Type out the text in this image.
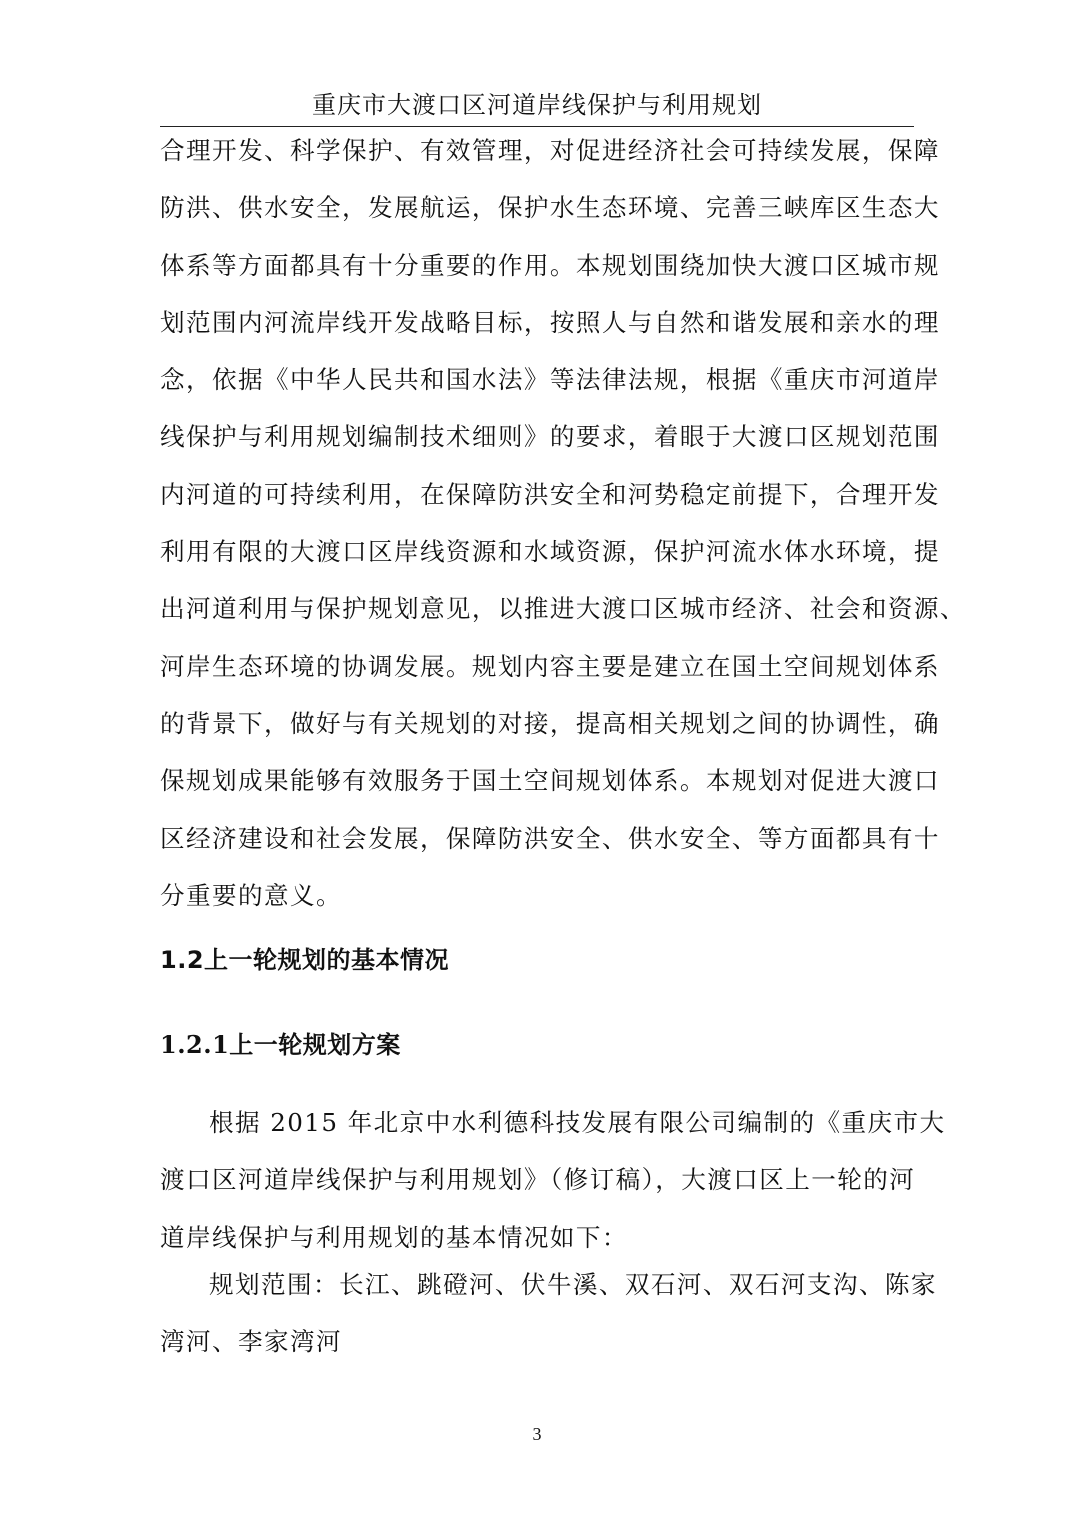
重庆市大渡口区河道岸线保护与利用规划
合理开发、科学保护、有效管理，对促进经济社会可持续发展，保障
防洪、供水安全，发展航运，保护水生态环境、完善三峡库区生态大
体系等方面都具有十分重要的作用。本规划围绕加快大渡口区城市规
划范围内河流岸线开发战略目标，按照人与自然和谐发展和亲水的理
念，依据《中华人民共和国水法》等法律法规，根据《重庆市河道岸
线保护与利用规划编制技术细则》的要求，着眼于大渡口区规划范围
内河道的可持续利用，在保障防洪安全和河势稳定前提下，合理开发
利用有限的大渡口区岸线资源和水域资源，保护河流水体水环境，提
出河道利用与保护规划意见，以推进大渡口区城市经济、社会和资源、
河岸生态环境的协调发展。规划内容主要是建立在国土空间规划体系
的背景下，做好与有关规划的对接，提高相关规划之间的协调性，确
保规划成果能够有效服务于国土空间规划体系。本规划对促进大渡口
区经济建设和社会发展，保障防洪安全、供水安全、等方面都具有十
分重要的意义。
1.2上一轮规划的基本情况
1.2.1上一轮规划方案
根据 2015 年北京中水利德科技发展有限公司编制的《重庆市大
渡口区河道岸线保护与利用规划》（修订稿），大渡口区上一轮的河
道岸线保护与利用规划的基本情况如下：
规划范围：长江、跳磴河、伏牛溪、双石河、双石河支沟、陈家
湾河、李家湾河
3
